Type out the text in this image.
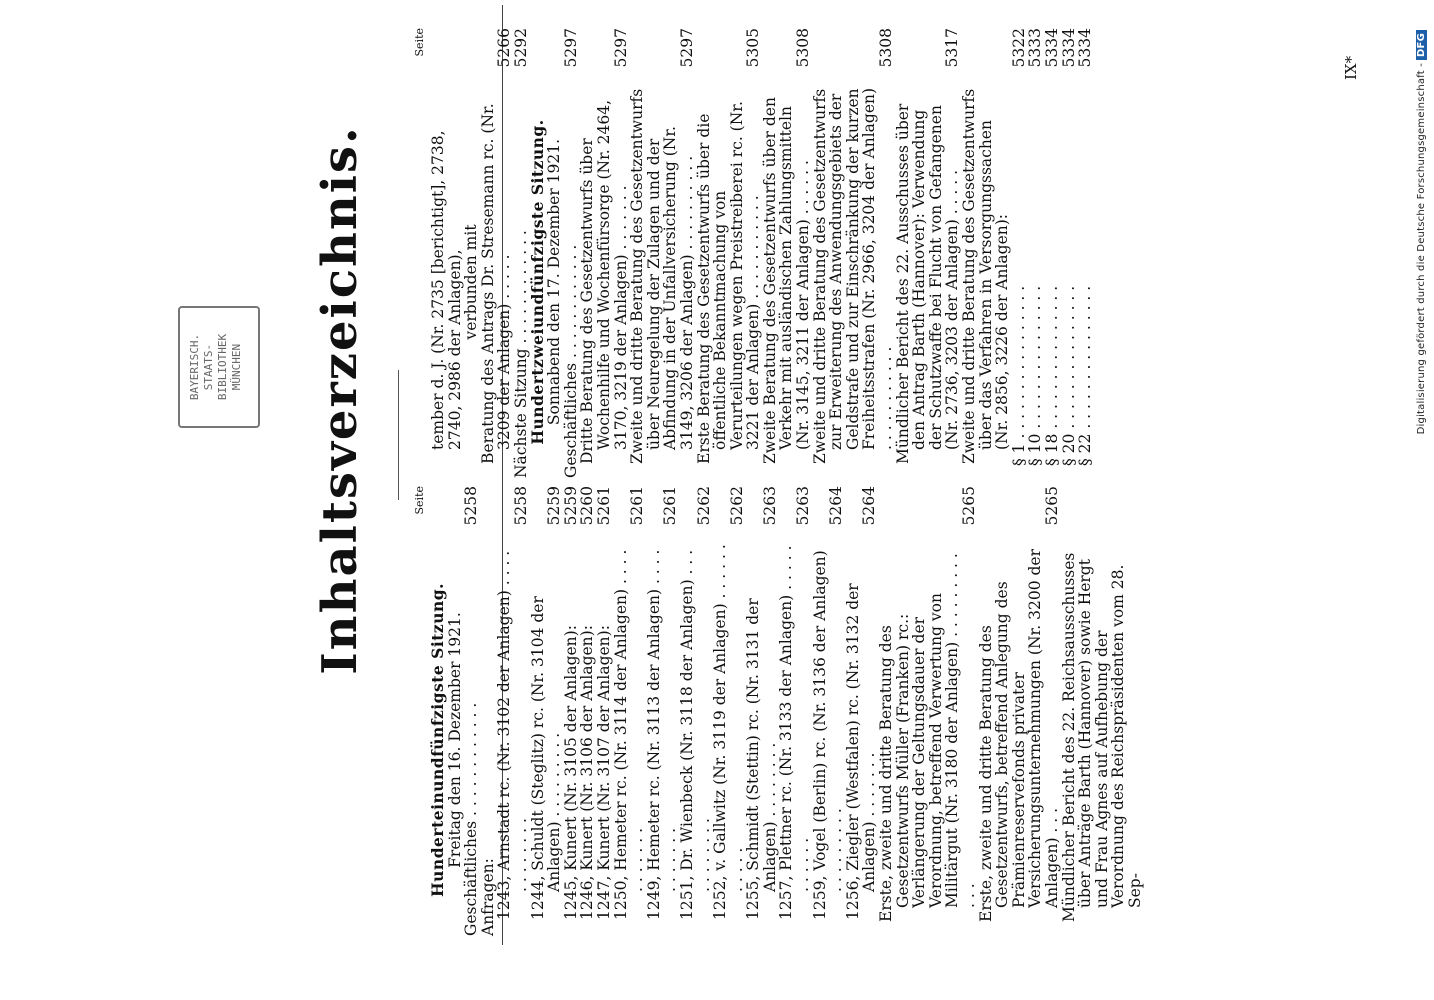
Inhaltsverzeichnis.
BAYERISCH. STAATS- BIBLIOTHEK MÜNCHEN
Seite
Hunderteinundfünfzigste Sitzung.
Freitag den 16. Dezember 1921.
Geschäftliches . . . . . . . . . . . .
5258
Anfragen:
1243, Arnstadt rc. (Nr. 3102 der Anlagen) . . . . . . . . . . . .
5258
1244, Schuldt (Steglitz) rc. (Nr. 3104 der Anlagen) . . . . . . . . .
5259
1245, Kunert (Nr. 3105 der Anlagen):
5259
1246, Kunert (Nr. 3106 der Anlagen):
5260
1247, Kunert (Nr. 3107 der Anlagen):
5261
1250, Hemeter rc. (Nr. 3114 der Anlagen) . . . . . . . . . . .
5261
1249, Hemeter rc. (Nr. 3113 der Anlagen) . . . . . . . . . . .
5261
1251, Dr. Wienbeck (Nr. 3118 der Anlagen) . . . . . . . . . . .
5262
1252, v. Gallwitz (Nr. 3119 der Anlagen) . . . . . . . . . . .
5262
1255, Schmidt (Stettin) rc. (Nr. 3131 der Anlagen) . . . . . . . .
5263
1257, Plettner rc. (Nr. 3133 der Anlagen) . . . . . . . . . . .
5263
1259, Vogel (Berlin) rc. (Nr. 3136 der Anlagen) . . . . . . . . .
5264
1256, Ziegler (Westfalen) rc. (Nr. 3132 der Anlagen) . . . . . . .
5264
Erste, zweite und dritte Beratung des Gesetzentwurfs Müller (Franken) rc.: Verlängerung der Geltungsdauer der Verordnung, betreffend Verwertung von Militärgut (Nr. 3180 der Anlagen) . . . . . . . . . . . .
5265
Erste, zweite und dritte Beratung des Gesetzentwurfs, betreffend Anlegung des Prämienreservefonds privater Versicherungsunternehmungen (Nr. 3200 der Anlagen) . . .
5265
Mündlicher Bericht des 22. Reichsausschusses über Anträge Barth (Hannover) sowie Hergt und Frau Agnes auf Aufhebung der Verordnung des Reichspräsidenten vom 28. Sep-
Seite
tember d. J. (Nr. 2735 [berichtigt], 2738, 2740, 2986 der Anlagen),
verbunden mit
Beratung des Antrags Dr. Stresemann rc. (Nr. 3209 der Anlagen) . . . . .
5266
Nächste Sitzung . . . . . . . . . . . .
5292
Hundertzweiundfünfzigste Sitzung.
Sonnabend den 17. Dezember 1921.
Geschäftliches . . . . . . . . . . . .
5297
Dritte Beratung des Gesetzentwurfs über Wochenhilfe und Wochenfürsorge (Nr. 2464, 3170, 3219 der Anlagen) . . . . . . .
5297
Zweite und dritte Beratung des Gesetzentwurfs über Neuregelung der Zulagen und der Abfindung in der Unfallversicherung (Nr. 3149, 3206 der Anlagen) . . . . . . . . . .
5297
Erste Beratung des Gesetzentwurfs über die öffentliche Bekanntmachung von Verurteilungen wegen Preistreiberei rc. (Nr. 3221 der Anlagen) . . . . . . . . . . .
5305
Zweite Beratung des Gesetzentwurfs über den Verkehr mit ausländischen Zahlungsmitteln (Nr. 3145, 3211 der Anlagen) . . . . . .
5308
Zweite und dritte Beratung des Gesetzentwurfs zur Erweiterung des Anwendungsgebiets der Geldstrafe und zur Einschränkung der kurzen Freiheitsstrafen (Nr. 2966, 3204 der Anlagen) . . . . . . . . . . .
5308
Mündlicher Bericht des 22. Ausschusses über den Antrag Barth (Hannover): Verwendung der Schutzwaffe bei Flucht von Gefangenen (Nr. 2736, 3203 der Anlagen) . . . . .
5317
Zweite und dritte Beratung des Gesetzentwurfs über das Verfahren in Versorgungssachen (Nr. 2856, 3226 der Anlagen):
§ 1 . . . . . . . . . . . . . . . .
5322
§ 10 . . . . . . . . . . . . . . .
5333
§ 18 . . . . . . . . . . . . . . .
5334
§ 20 . . . . . . . . . . . . . . .
5334
§ 22 . . . . . . . . . . . . . . .
5334
IX*	Digitalisierung gefördert durch die Deutsche Forschungsgemeinschaft -DFG
